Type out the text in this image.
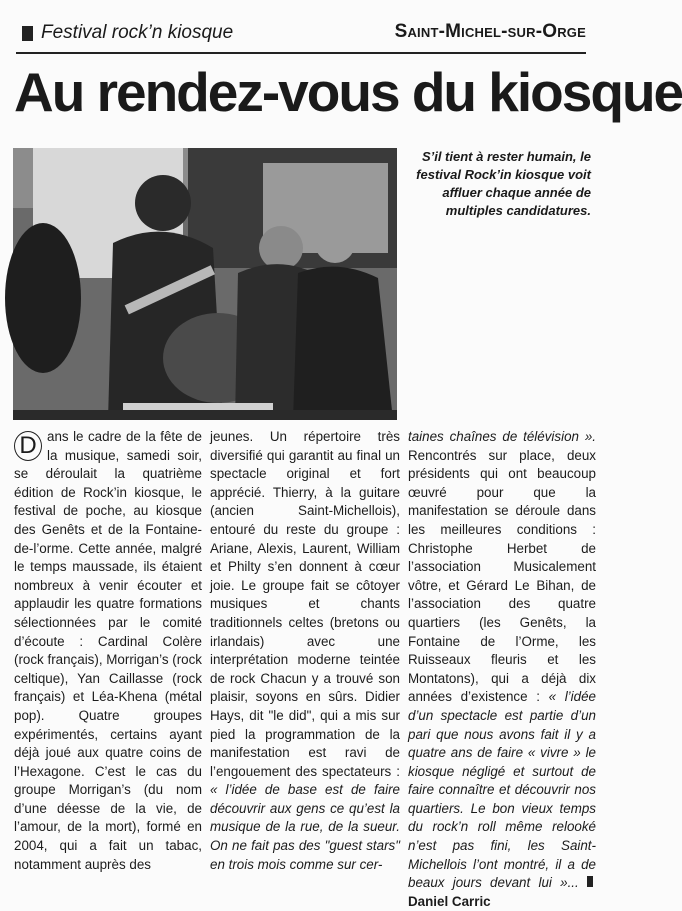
Festival rock’n kiosque	Saint-Michel-sur-Orge
Au rendez-vous du kiosque
S’il tient à rester humain, le festival Rock’in kiosque voit affluer chaque année de multiples candidatures.

D ans le cadre de la fête de la musique, samedi soir, se déroulait la quatrième édition de Rock’in kiosque, le festival de poche, au kiosque des Genêts et de la Fontaine-de-l’orme. Cette année, malgré le temps maussade, ils étaient nombreux à venir écouter et applaudir les quatre formations sélectionnées par le comité d’écoute : Cardinal Colère (rock français), Morrigan’s (rock celtique), Yan Caillasse (rock français) et Léa-Khena (métal pop). Quatre groupes expérimentés, certains ayant déjà joué aux quatre coins de l’Hexagone. C’est le cas du groupe Morrigan’s (du nom d’une déesse de la vie, de l’amour, de la mort), formé en 2004, qui a fait un tabac, notamment auprès des

jeunes. Un répertoire très diversifié qui garantit au final un spectacle original et fort apprécié. Thierry, à la guitare (ancien Saint-Michellois), entouré du reste du groupe : Ariane, Alexis, Laurent, William et Philty s’en donnent à cœur joie. Le groupe fait se côtoyer musiques et chants traditionnels celtes (bretons ou irlandais) avec une interprétation moderne teintée de rock Chacun y a trouvé son plaisir, soyons en sûrs. Didier Hays, dit "le did", qui a mis sur pied la programmation de la manifestation est ravi de l’engouement des spectateurs : « l’idée de base est de faire découvrir aux gens ce qu’est la musique de la rue, de la sueur. On ne fait pas des "guest stars" en trois mois comme sur cer-

taines chaînes de télévision ». Rencontrés sur place, deux présidents qui ont beaucoup œuvré pour que la manifestation se déroule dans les meilleures conditions : Christophe Herbet de l’association Musicalement vôtre, et Gérard Le Bihan, de l’association des quatre quartiers (les Genêts, la Fontaine de l’Orme, les Ruisseaux fleuris et les Montatons), qui a déjà dix années d’existence : « l’idée d’un spectacle est partie d’un pari que nous avons fait il y a quatre ans de faire « vivre » le kiosque négligé et surtout de faire connaître et découvrir nos quartiers. Le bon vieux temps du rock’n roll même relooké n’est pas fini, les Saint-Michellois l’ont montré, il a de beaux jours devant lui »... Daniel Carric
